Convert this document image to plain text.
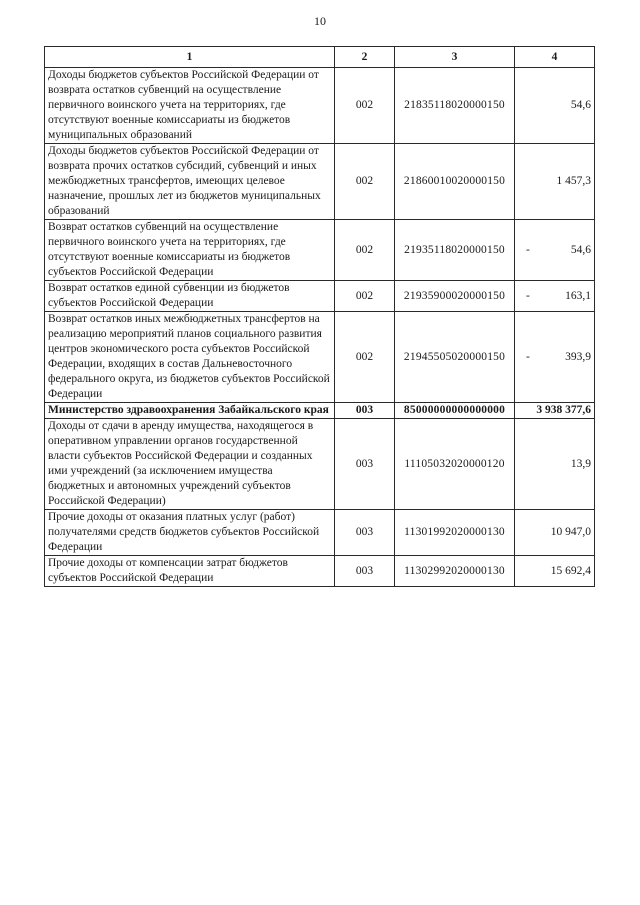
10
1	2	3	4
Доходы бюджетов субъектов Российской Федерации от возврата остатков субвенций на осуществление первичного воинского учета на территориях, где отсутствуют военные комиссариаты из бюджетов муниципальных образований	002	21835118020000150	54,6
Доходы бюджетов субъектов Российской Федерации от возврата прочих остатков субсидий, субвенций и иных межбюджетных трансфертов, имеющих целевое назначение, прошлых лет из бюджетов муниципальных образований	002	21860010020000150	1 457,3
Возврат остатков субвенций на осуществление первичного воинского учета на территориях, где отсутствуют военные комиссариаты из бюджетов субъектов Российской Федерации	002	21935118020000150	- 54,6

Возврат остатков единой субвенции из бюджетов субъектов Российской Федерации	002	21935900020000150	- 163,1

Возврат остатков иных межбюджетных трансфертов на реализацию мероприятий планов социального развития центров экономического роста субъектов Российской Федерации, входящих в состав Дальневосточного федерального округа, из бюджетов субъектов Российской Федерации	002	21945505020000150	- 393,9

Министерство здравоохранения Забайкальского края	003	85000000000000000	3 938 377,6
Доходы от сдачи в аренду имущества, находящегося в оперативном управлении органов государственной власти субъектов Российской Федерации и созданных ими учреждений (за исключением имущества бюджетных и автономных учреждений субъектов Российской Федерации)	003	11105032020000120	13,9
Прочие доходы от оказания платных услуг (работ) получателями средств бюджетов субъектов Российской Федерации	003	11301992020000130	10 947,0
Прочие доходы от компенсации затрат бюджетов субъектов Российской Федерации	003	11302992020000130	15 692,4
